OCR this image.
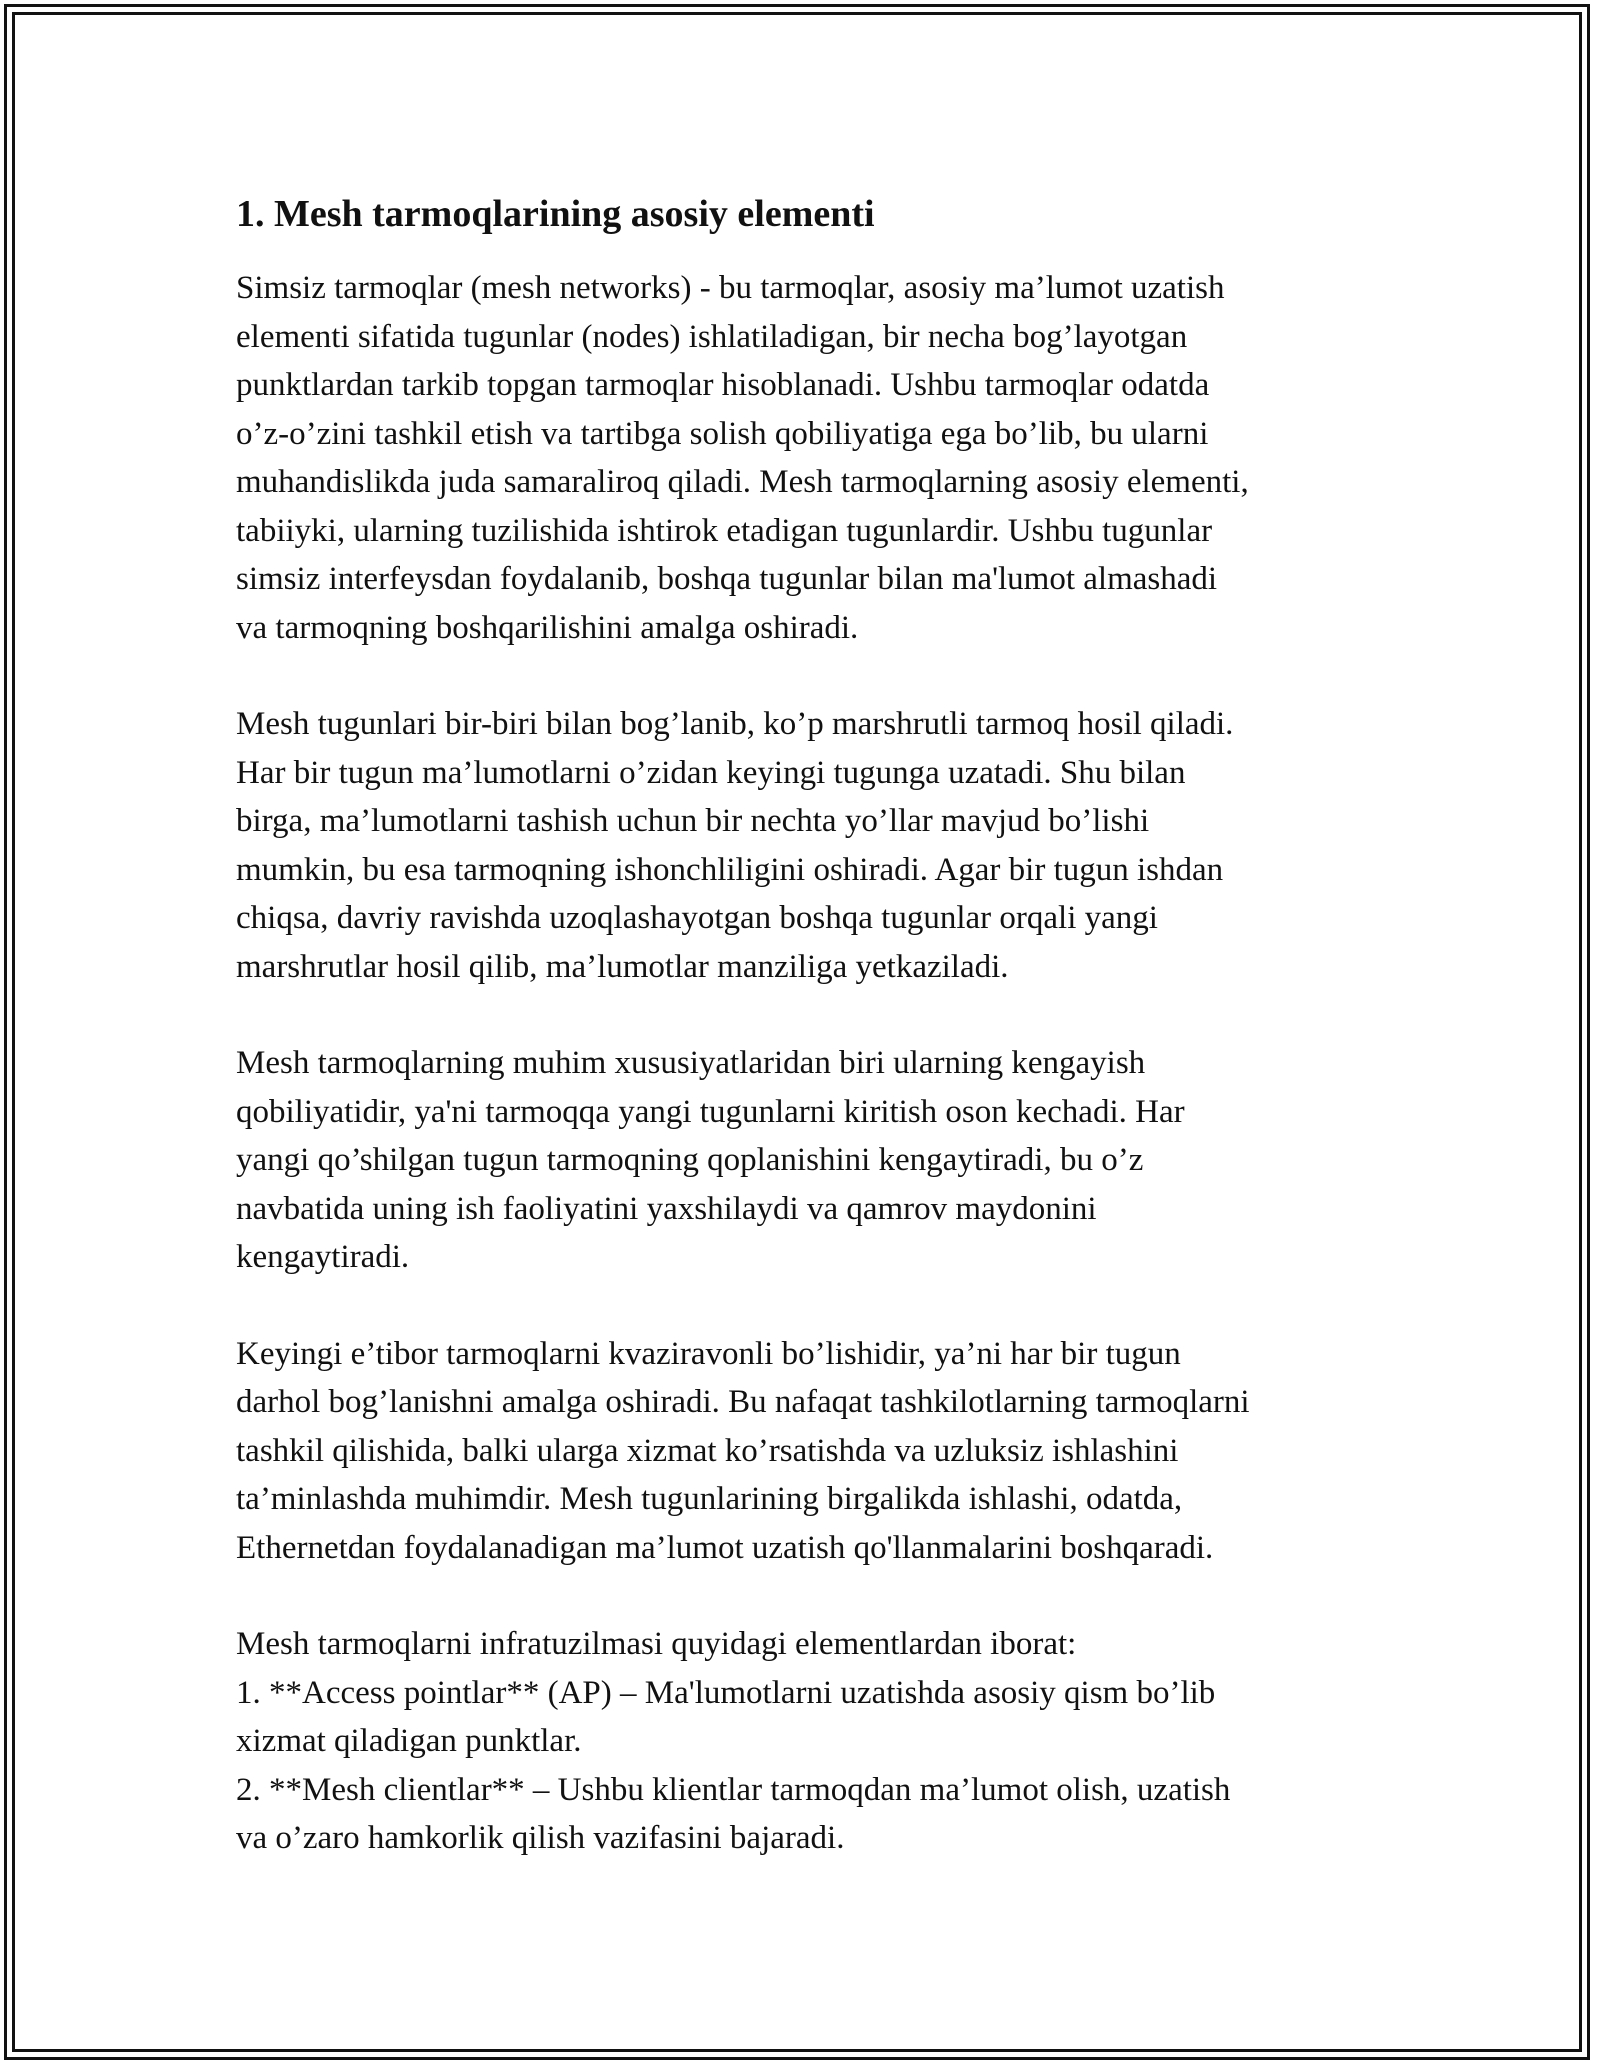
1. Mesh tarmoqlarining asosiy elementi

Simsiz tarmoqlar (mesh networks) - bu tarmoqlar, asosiy ma’lumot uzatish
elementi sifatida tugunlar (nodes) ishlatiladigan, bir necha bog’layotgan
punktlardan tarkib topgan tarmoqlar hisoblanadi. Ushbu tarmoqlar odatda
o’z-o’zini tashkil etish va tartibga solish qobiliyatiga ega bo’lib, bu ularni
muhandislikda juda samaraliroq qiladi. Mesh tarmoqlarning asosiy elementi,
tabiiyki, ularning tuzilishida ishtirok etadigan tugunlardir. Ushbu tugunlar
simsiz interfeysdan foydalanib, boshqa tugunlar bilan ma'lumot almashadi
va tarmoqning boshqarilishini amalga oshiradi.

Mesh tugunlari bir-biri bilan bog’lanib, ko’p marshrutli tarmoq hosil qiladi.
Har bir tugun ma’lumotlarni o’zidan keyingi tugunga uzatadi. Shu bilan
birga, ma’lumotlarni tashish uchun bir nechta yo’llar mavjud bo’lishi
mumkin, bu esa tarmoqning ishonchliligini oshiradi. Agar bir tugun ishdan
chiqsa, davriy ravishda uzoqlashayotgan boshqa tugunlar orqali yangi
marshrutlar hosil qilib, ma’lumotlar manziliga yetkaziladi.

Mesh tarmoqlarning muhim xususiyatlaridan biri ularning kengayish
qobiliyatidir, ya'ni tarmoqqa yangi tugunlarni kiritish oson kechadi. Har
yangi qo’shilgan tugun tarmoqning qoplanishini kengaytiradi, bu o’z
navbatida uning ish faoliyatini yaxshilaydi va qamrov maydonini
kengaytiradi.

Keyingi e’tibor tarmoqlarni kvaziravonli bo’lishidir, ya’ni har bir tugun
darhol bog’lanishni amalga oshiradi. Bu nafaqat tashkilotlarning tarmoqlarni
tashkil qilishida, balki ularga xizmat ko’rsatishda va uzluksiz ishlashini
ta’minlashda muhimdir. Mesh tugunlarining birgalikda ishlashi, odatda,
Ethernetdan foydalanadigan ma’lumot uzatish qo'llanmalarini boshqaradi.

Mesh tarmoqlarni infratuzilmasi quyidagi elementlardan iborat:
1. **Access pointlar** (AP) – Ma'lumotlarni uzatishda asosiy qism bo’lib
xizmat qiladigan punktlar.
2. **Mesh clientlar** – Ushbu klientlar tarmoqdan ma’lumot olish, uzatish
va o’zaro hamkorlik qilish vazifasini bajaradi.
